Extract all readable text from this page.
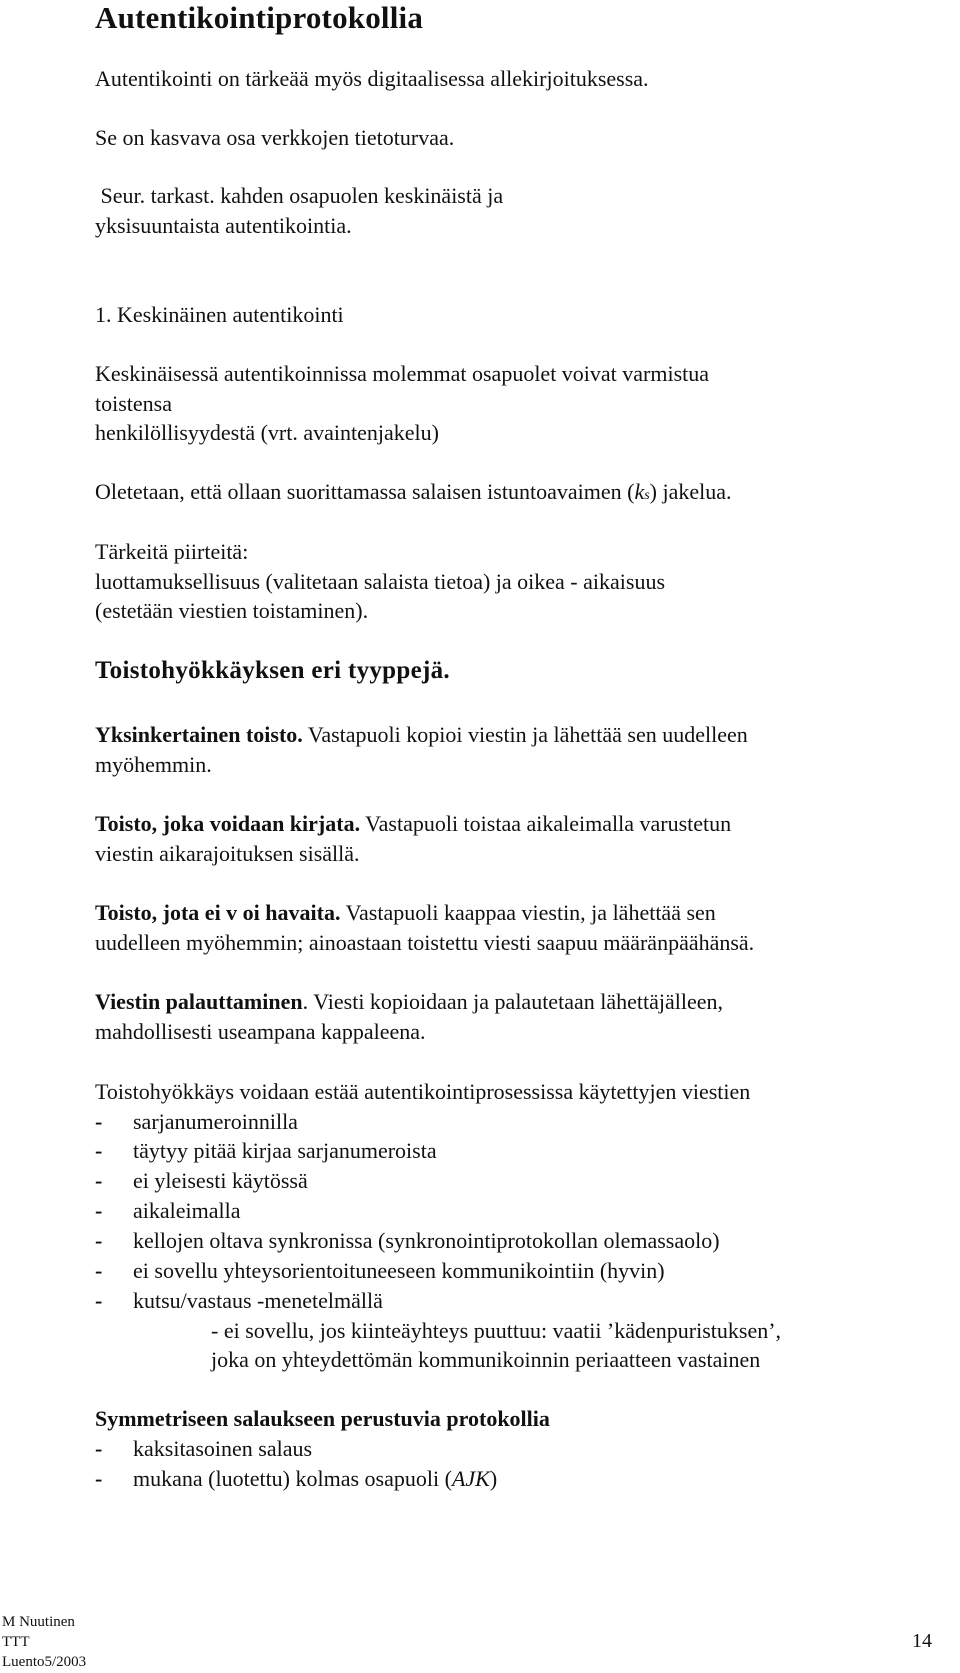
Autentikointiprotokollia
Autentikointi on tärkeää myös digitaalisessa allekirjoituksessa.
Se on kasvava osa verkkojen tietoturvaa.
Seur. tarkast. kahden osapuolen keskinäistä ja
yksisuuntaista autentikointia.
1. Keskinäinen autentikointi
Keskinäisessä autentikoinnissa molemmat osapuolet voivat varmistua
toistensa
henkilöllisyydestä (vrt. avaintenjakelu)
Oletetaan, että ollaan suorittamassa salaisen istuntoavaimen (ks) jakelua.
Tärkeitä piirteitä:
luottamuksellisuus (valitetaan salaista tietoa) ja oikea - aikaisuus
(estetään viestien toistaminen).
Toistohyökkäyksen eri tyyppejä.
Yksinkertainen toisto. Vastapuoli kopioi viestin ja lähettää sen uudelleen
myöhemmin.
Toisto, joka voidaan kirjata. Vastapuoli toistaa aikaleimalla varustetun
viestin aikarajoituksen sisällä.
Toisto, jota ei v oi havaita. Vastapuoli kaappaa viestin, ja lähettää sen
uudelleen myöhemmin; ainoastaan toistettu viesti saapuu määränpäähänsä.
Viestin palauttaminen. Viesti kopioidaan ja palautetaan lähettäjälleen,
mahdollisesti useampana kappaleena.
Toistohyökkäys voidaan estää autentikointiprosessissa käytettyjen viestien
- sarjanumeroinnilla
- täytyy pitää kirjaa sarjanumeroista
- ei yleisesti käytössä
- aikaleimalla
- kellojen oltava synkronissa (synkronointiprotokollan olemassaolo)
- ei sovellu yhteysorientoituneeseen kommunikointiin (hyvin)
- kutsu/vastaus -menetelmällä
- ei sovellu, jos kiinteäyhteys puuttuu: vaatii ’kädenpuristuksen’,
joka on yhteydettömän kommunikoinnin periaatteen vastainen
Symmetriseen salaukseen perustuvia protokollia
- kaksitasoinen salaus
- mukana (luotettu) kolmas osapuoli (AJK)
M Nuutinen
TTT
Luento5/2003
14
